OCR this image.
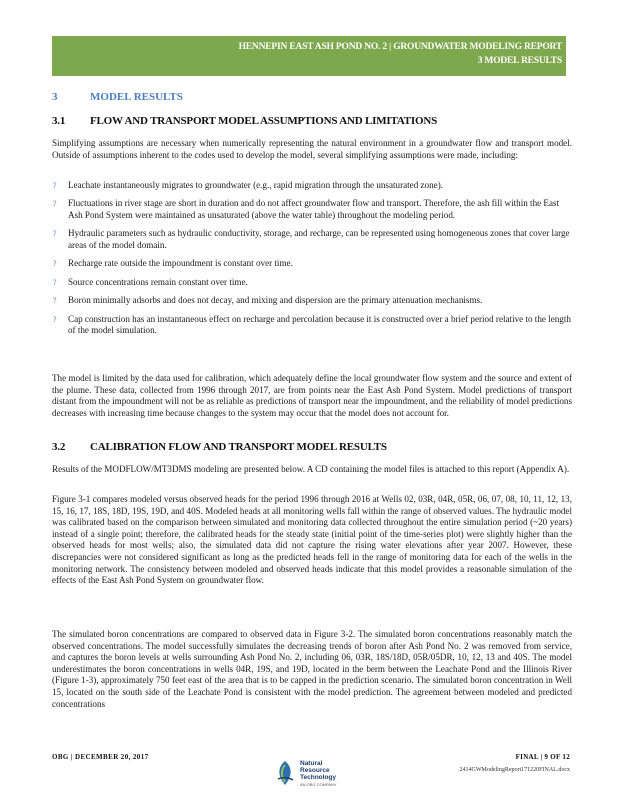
HENNEPIN EAST ASH POND NO. 2 | GROUNDWATER MODELING REPORT
3 MODEL RESULTS
3	MODEL RESULTS
3.1 FLOW AND TRANSPORT MODEL ASSUMPTIONS AND LIMITATIONS
Simplifying assumptions are necessary when numerically representing the natural environment in a groundwater flow and transport model. Outside of assumptions inherent to the codes used to develop the model, several simplifying assumptions were made, including:
? Leachate instantaneously migrates to groundwater (e.g., rapid migration through the unsaturated zone).
? Fluctuations in river stage are short in duration and do not affect groundwater flow and transport. Therefore, the ash fill within the East Ash Pond System were maintained as unsaturated (above the water table) throughout the modeling period.
? Hydraulic parameters such as hydraulic conductivity, storage, and recharge, can be represented using homogeneous zones that cover large areas of the model domain.
? Recharge rate outside the impoundment is constant over time.
? Source concentrations remain constant over time.
? Boron minimally adsorbs and does not decay, and mixing and dispersion are the primary attenuation mechanisms.
? Cap construction has an instantaneous effect on recharge and percolation because it is constructed over a brief period relative to the length of the model simulation.
The model is limited by the data used for calibration, which adequately define the local groundwater flow system and the source and extent of the plume. These data, collected from 1996 through 2017, are from points near the East Ash Pond System. Model predictions of transport distant from the impoundment will not be as reliable as predictions of transport near the impoundment, and the reliability of model predictions decreases with increasing time because changes to the system may occur that the model does not account for.
3.2 CALIBRATION FLOW AND TRANSPORT MODEL RESULTS
Results of the MODFLOW/MT3DMS modeling are presented below. A CD containing the model files is attached to this report (Appendix A).
Figure 3-1 compares modeled versus observed heads for the period 1996 through 2016 at Wells 02, 03R, 04R, 05R, 06, 07, 08, 10, 11, 12, 13, 15, 16, 17, 18S, 18D, 19S, 19D, and 40S. Modeled heads at all monitoring wells fall within the range of observed values. The hydraulic model was calibrated based on the comparison between simulated and monitoring data collected throughout the entire simulation period (~20 years) instead of a single point; therefore, the calibrated heads for the steady state (initial point of the time-series plot) were slightly higher than the observed heads for most wells; also, the simulated data did not capture the rising water elevations after year 2007. However, these discrepancies were not considered significant as long as the predicted heads fell in the range of monitoring data for each of the wells in the monitoring network. The consistency between modeled and observed heads indicate that this model provides a reasonable simulation of the effects of the East Ash Pond System on groundwater flow.
The simulated boron concentrations are compared to observed data in Figure 3-2. The simulated boron concentrations reasonably match the observed concentrations. The model successfully simulates the decreasing trends of boron after Ash Pond No. 2 was removed from service, and captures the boron levels at wells surrounding Ash Pond No. 2, including 06, 03R, 18S/18D, 05R/05DR, 10, 12, 13 and 40S. The model underestimates the boron concentrations in wells 04R, 19S, and 19D, located in the berm between the Leachate Pond and the Illinois River (Figure 1-3), approximately 750 feet east of the area that is to be capped in the prediction scenario. The simulated boron concentration in Well 15, located on the south side of the Leachate Pond is consistent with the model prediction. The agreement between modeled and predicted concentrations
OBG | DECEMBER 20, 2017
Natural
Resource
Technology
AN OBG COMPANY
FINAL | 9 OF 12
2414GWModelingReport171220FINAL.docx
